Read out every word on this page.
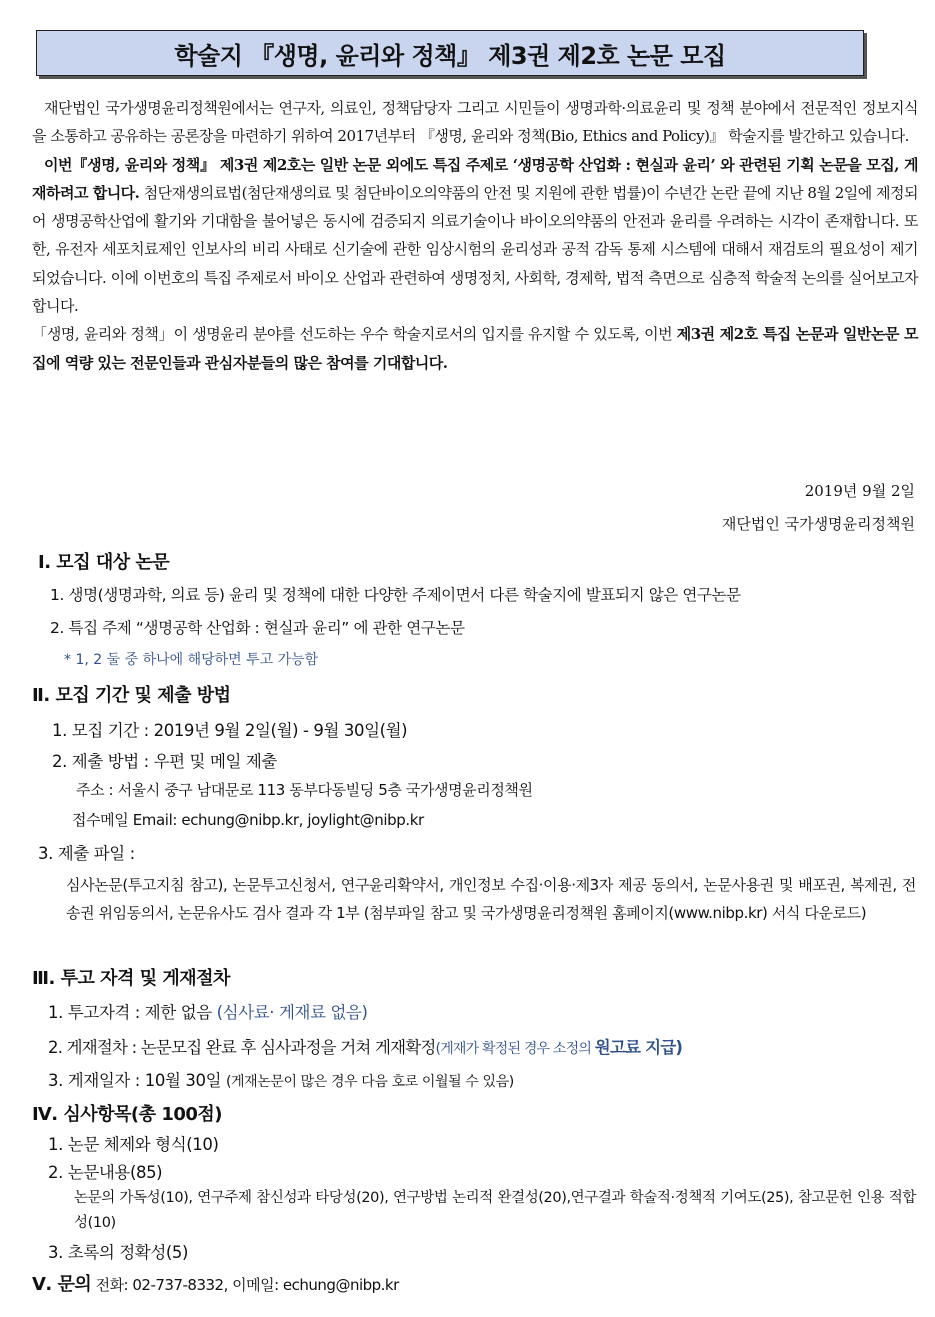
학술지 『생명, 윤리와 정책』 제3권 제2호 논문 모집

재단법인 국가생명윤리정책원에서는 연구자, 의료인, 정책담당자 그리고 시민들이 생명과학·의료윤리 및 정책 분야에서 전문적인 정보지식을 소통하고 공유하는 공론장을 마련하기 위하여 2017년부터 『생명, 윤리와 정책(Bio, Ethics and Policy)』 학술지를 발간하고 있습니다.

이번『생명, 윤리와 정책』 제3권 제2호는 일반 논문 외에도 특집 주제로 ‘생명공학 산업화 : 현실과 윤리’ 와 관련된 기획 논문을 모집, 게재하려고 합니다. 첨단재생의료법(첨단재생의료 및 첨단바이오의약품의 안전 및 지원에 관한 법률)이 수년간 논란 끝에 지난 8월 2일에 제정되어 생명공학산업에 활기와 기대함을 불어넣은 동시에 검증되지 의료기술이나 바이오의약품의 안전과 윤리를 우려하는 시각이 존재합니다. 또한, 유전자 세포치료제인 인보사의 비리 사태로 신기술에 관한 임상시험의 윤리성과 공적 감독 통제 시스템에 대해서 재검토의 필요성이 제기되었습니다. 이에 이번호의 특집 주제로서 바이오 산업과 관련하여 생명정치, 사회학, 경제학, 법적 측면으로 심층적 학술적 논의를 실어보고자 합니다.

「생명, 윤리와 정책」이 생명윤리 분야를 선도하는 우수 학술지로서의 입지를 유지할 수 있도록, 이번 제3권 제2호 특집 논문과 일반논문 모집에 역량 있는 전문인들과 관심자분들의 많은 참여를 기대합니다.

2019년 9월 2일
재단법인 국가생명윤리정책원
Ⅰ. 모집 대상 논문
1. 생명(생명과학, 의료 등) 윤리 및 정책에 대한 다양한 주제이면서 다른 학술지에 발표되지 않은 연구논문
2. 특집 주제 “생명공학 산업화 : 현실과 윤리” 에 관한 연구논문
* 1, 2 둘 중 하나에 해당하면 투고 가능함
Ⅱ. 모집 기간 및 제출 방법
1. 모집 기간 : 2019년 9월 2일(월) - 9월 30일(월)
2. 제출 방법 : 우편 및 메일 제출
주소 : 서울시 중구 남대문로 113 동부다동빌딩 5층 국가생명윤리정책원
접수메일 Email: echung@nibp.kr, joylight@nibp.kr
3. 제출 파일 :
심사논문(투고지침 참고), 논문투고신청서, 연구윤리확약서, 개인정보 수집·이용·제3자 제공 동의서, 논문사용권 및 배포권, 복제권, 전송권 위임동의서, 논문유사도 검사 결과 각 1부 (첨부파일 참고 및 국가생명윤리정책원 홈페이지(www.nibp.kr) 서식 다운로드)
Ⅲ. 투고 자격 및 게재절차
1. 투고자격 : 제한 없음 (심사료· 게재료 없음)
2. 게재절차 : 논문모집 완료 후 심사과정을 거쳐 게재확정(게재가 확정된 경우 소정의 원고료 지급)
3. 게재일자 : 10월 30일 (게재논문이 많은 경우 다음 호로 이월될 수 있음)
Ⅳ. 심사항목(총 100점)
1. 논문 체제와 형식(10)
2. 논문내용(85)
논문의 가독성(10), 연구주제 참신성과 타당성(20), 연구방법 논리적 완결성(20),연구결과 학술적·정책적 기여도(25), 참고문헌 인용 적합성(10)
3. 초록의 정확성(5)
Ⅴ. 문의 전화: 02-737-8332, 이메일: echung@nibp.kr
